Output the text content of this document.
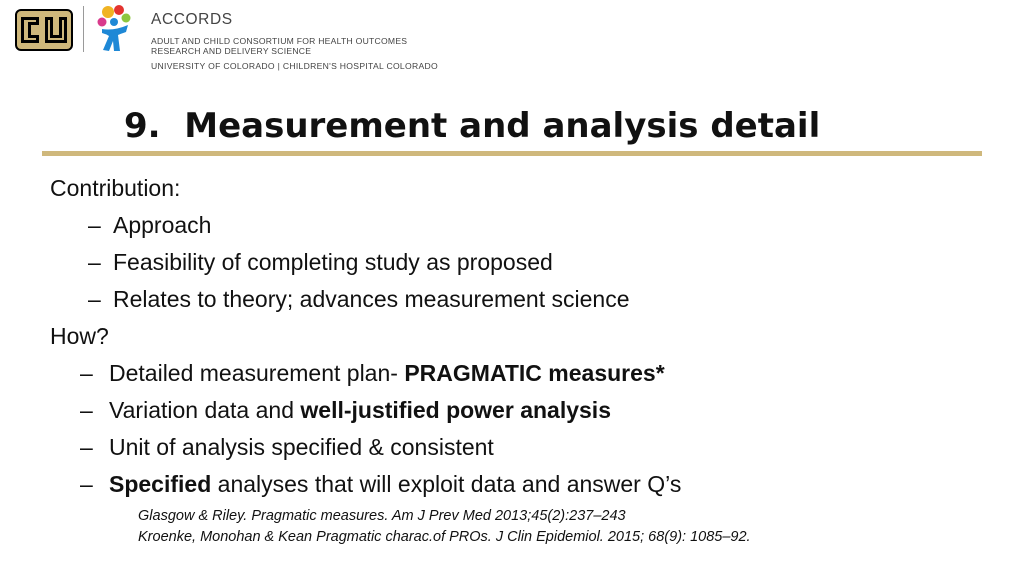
ACCORDS
ADULT AND CHILD CONSORTIUM FOR HEALTH OUTCOMES
RESEARCH AND DELIVERY SCIENCE
UNIVERSITY OF COLORADO | CHILDREN'S HOSPITAL COLORADO
9.  Measurement and analysis detail
Contribution:
– Approach
– Feasibility of completing study as proposed
– Relates to theory; advances measurement science
How?
– Detailed measurement plan- PRAGMATIC measures*
– Variation data and well-justified power analysis
– Unit of analysis specified & consistent
– Specified analyses that will exploit data and answer Q’s
Glasgow & Riley. Pragmatic measures. Am J Prev Med 2013;45(2):237–243
Kroenke, Monohan & Kean Pragmatic charac.of PROs. J Clin Epidemiol. 2015; 68(9): 1085–92.
